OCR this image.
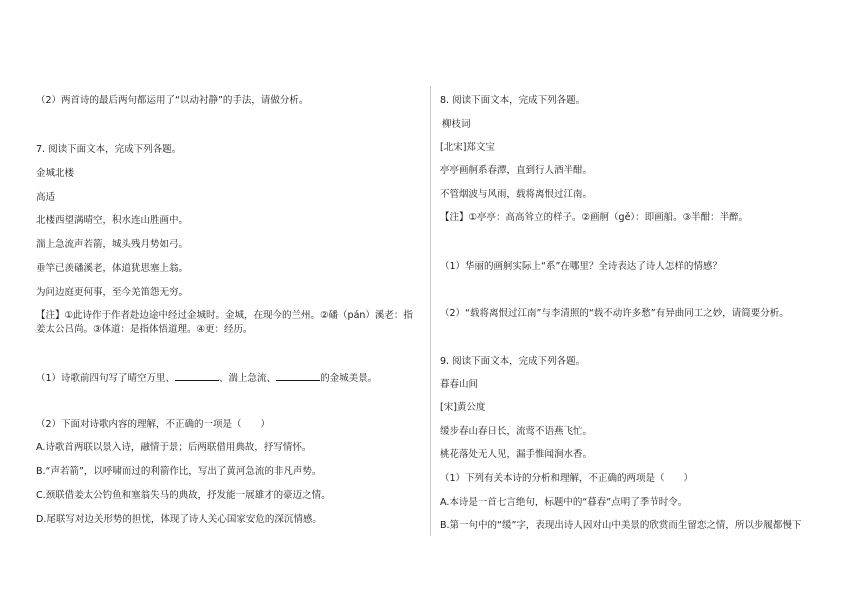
（2）两首诗的最后两句都运用了“以动衬静”的手法，请做分析。
7. 阅读下面文本，完成下列各题。
金城北楼
高适
北楼西望满晴空，积水连山胜画中。
湍上急流声若箭，城头残月势如弓。
垂竿已羡磻溪老，体道犹思塞上翁。
为问边庭更何事，至今羌笛怨无穷。
【注】①此诗作于作者赴边途中经过金城时。金城，在现今的兰州。②磻（pán）溪老：指姜太公吕尚。③体道：是指体悟道理。④更：经历。
（1）诗歌前四句写了晴空万里、	、湍上急流、	的金城美景。
（2）下面对诗歌内容的理解，不正确的一项是（　　）
A.诗歌首两联以景入诗，融情于景；后两联借用典故，抒写情怀。
B.“声若箭”，以呼啸而过的利箭作比，写出了黄河急流的非凡声势。
C.颈联借姜太公钓鱼和塞翁失马的典故，抒发能一展雄才的豪迈之情。
D.尾联写对边关形势的担忧，体现了诗人关心国家安危的深沉情感。
8. 阅读下面文本，完成下列各题。
柳枝词
[北宋]郑文宝
亭亭画舸系春潭，直到行人酒半酣。
不管烟波与风雨，载将离恨过江南。
【注】①亭亭：高高耸立的样子。②画舸（gě）：即画船。③半酣：半醉。
（1）华丽的画舸实际上“系”在哪里？全诗表达了诗人怎样的情感？
（2）“载将离恨过江南”与李清照的“载不动许多愁”有异曲同工之妙，请简要分析。
9. 阅读下面文本，完成下列各题。
暮春山间
[宋]黄公度
缓步春山春日长，流莺不语燕飞忙。
桃花落处无人见，漏手惟闻涧水香。
（1）下列有关本诗的分析和理解，不正确的两项是（　　）
A.本诗是一首七言绝句，标题中的“暮春”点明了季节时令。
B.第一句中的“缓”字，表现出诗人因对山中美景的欣赏而生留恋之情，所以步履都慢下
